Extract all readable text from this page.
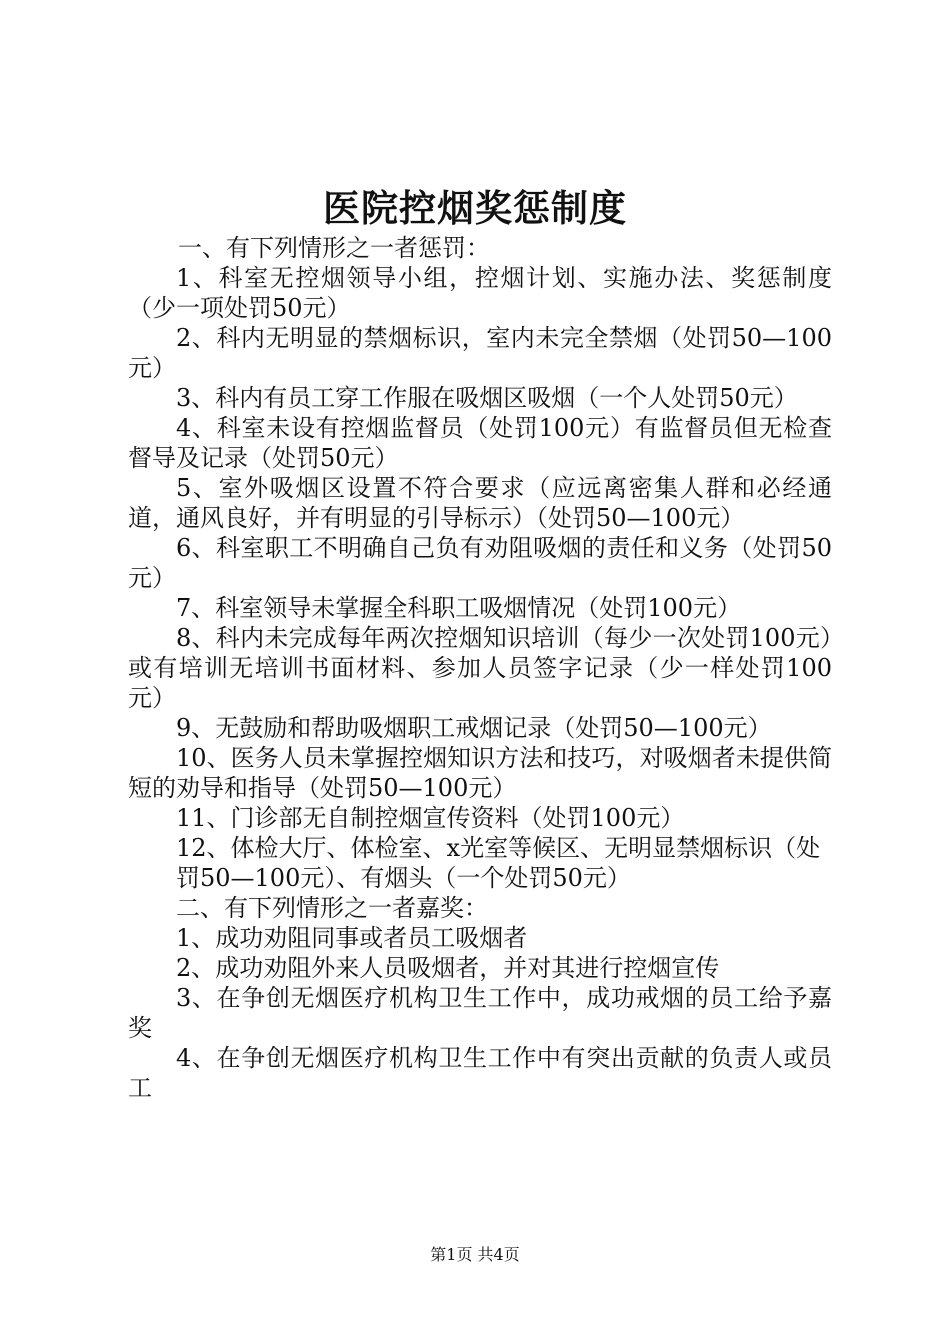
医院控烟奖惩制度

一、有下列情形之一者惩罚：

1、科室无控烟领导小组，控烟计划、实施办法、奖惩制度（少一项处罚50元）

2、科内无明显的禁烟标识，室内未完全禁烟（处罚50—100元）

3、科内有员工穿工作服在吸烟区吸烟（一个人处罚50元）

4、科室未设有控烟监督员（处罚100元）有监督员但无检查督导及记录（处罚50元）

5、室外吸烟区设置不符合要求（应远离密集人群和必经通道，通风良好，并有明显的引导标示）（处罚50—100元）

6、科室职工不明确自己负有劝阻吸烟的责任和义务（处罚50元）

7、科室领导未掌握全科职工吸烟情况（处罚100元）

8、科内未完成每年两次控烟知识培训（每少一次处罚100元）或有培训无培训书面材料、参加人员签字记录（少一样处罚100元）

9、无鼓励和帮助吸烟职工戒烟记录（处罚50—100元）

10、医务人员未掌握控烟知识方法和技巧，对吸烟者未提供简短的劝导和指导（处罚50—100元）

11、门诊部无自制控烟宣传资料（处罚100元）

12、体检大厅、体检室、x光室等候区、无明显禁烟标识（处

罚50—100元）、有烟头（一个处罚50元）

二、有下列情形之一者嘉奖：

1、成功劝阻同事或者员工吸烟者

2、成功劝阻外来人员吸烟者，并对其进行控烟宣传

3、在争创无烟医疗机构卫生工作中，成功戒烟的员工给予嘉奖

4、在争创无烟医疗机构卫生工作中有突出贡献的负责人或员工

第1页 共4页
